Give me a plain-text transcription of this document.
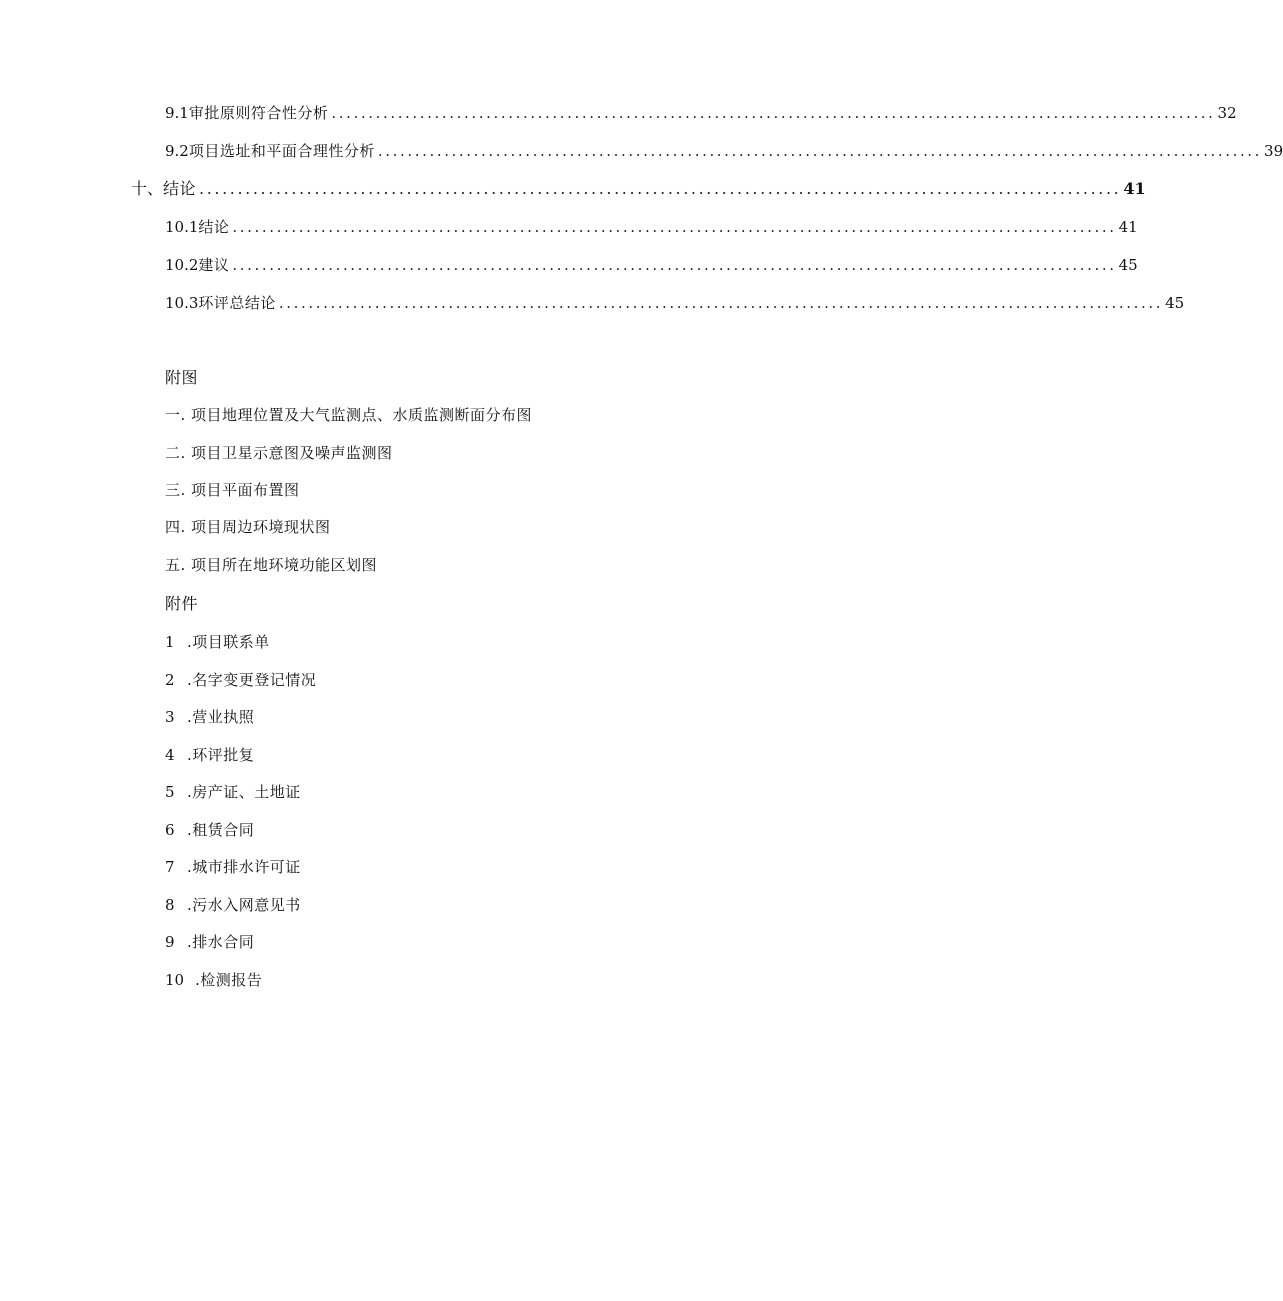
9.1 审批原则符合性分析 ........................................................................................................................ 32
9.2 项目选址和平面合理性分析 ........................................................................................................................ 39
十、 结论 ........................................................................................................................ 41
10.1 结论 ........................................................................................................................ 41
10.2 建议 ........................................................................................................................ 45
10.3 环评总结论 ........................................................................................................................ 45
附图
一. 项目地理位置及大气监测点、水质监测断面分布图
二. 项目卫星示意图及噪声监测图
三. 项目平面布置图
四. 项目周边环境现状图
五. 项目所在地环境功能区划图
附件
1 .项目联系单
2 .名字变更登记情况
3 .营业执照
4 .环评批复
5 .房产证、土地证
6 .租赁合同
7 .城市排水许可证
8 .污水入网意见书
9 .排水合同
10 .检测报告
